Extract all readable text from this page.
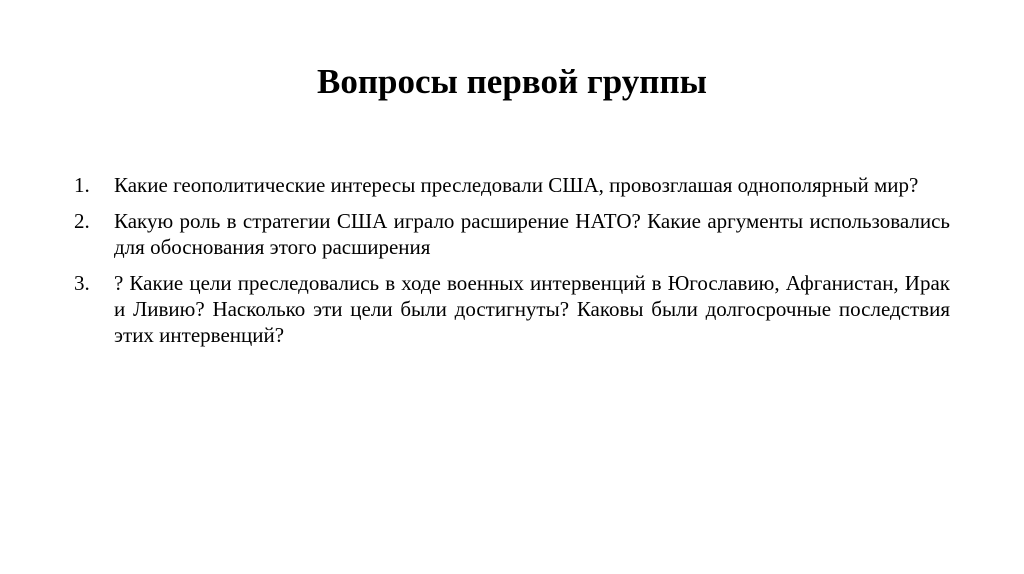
Вопросы первой группы
1.	Какие геополитические интересы преследовали США, провозглашая однополярный мир?
2.	Какую роль в стратегии США играло расширение НАТО? Какие аргументы использовались для обоснования этого расширения
3.	? Какие цели преследовались в ходе военных интервенций в Югославию, Афганистан, Ирак и Ливию? Насколько эти цели были достигнуты? Каковы были долгосрочные последствия этих интервенций?
